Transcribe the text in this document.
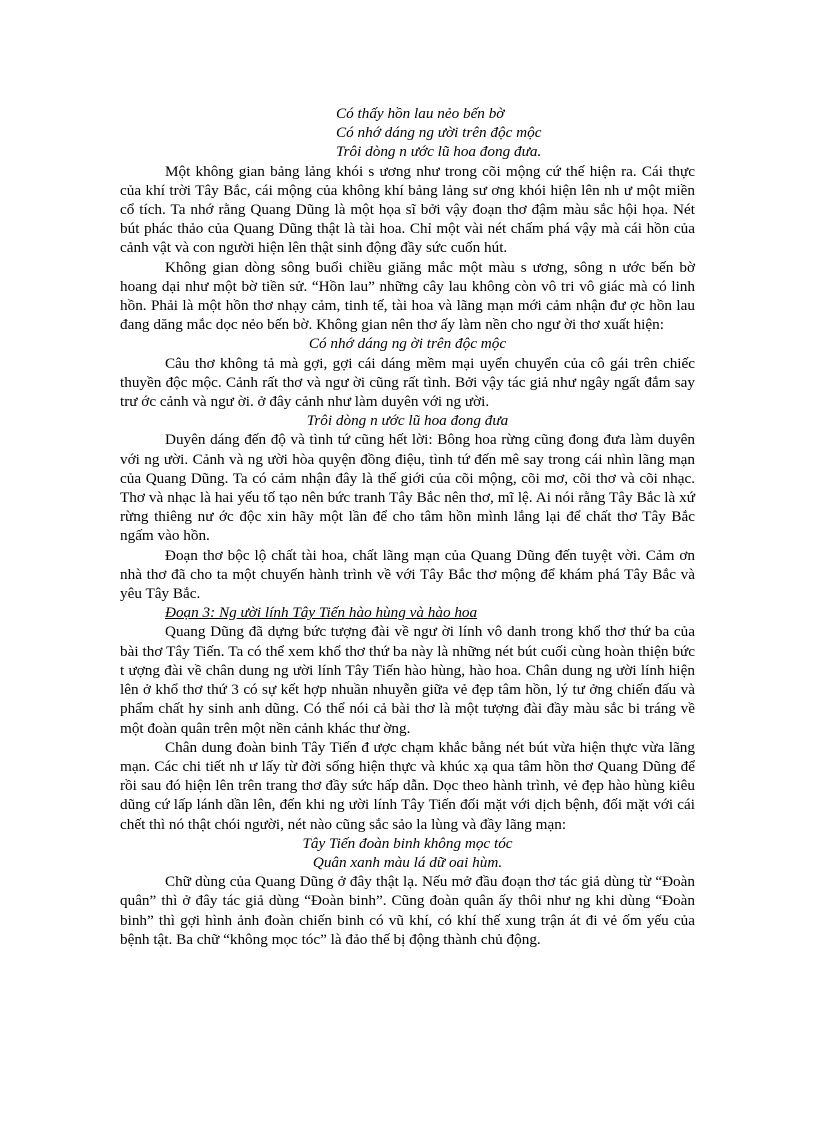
Có thấy hồn lau nẻo bến bờ

Có nhớ dáng ng ười trên độc mộc

Trôi dòng n ước lũ hoa đong đưa.

Một không gian bảng lảng khói s ương như trong cõi mộng cứ thế hiện ra. Cái thực của khí trời Tây Bắc, cái mộng của không khí bảng lảng sư ơng khói hiện lên nh ư một miền cổ tích. Ta nhớ rằng Quang Dũng là một họa sĩ bởi vậy đoạn thơ đậm màu sắc hội họa. Nét bút phác thảo của Quang Dũng thật là tài hoa. Chỉ một vài nét chấm phá vậy mà cái hồn của cảnh vật và con người hiện lên thật sinh động đầy sức cuốn hút.

Không gian dòng sông buổi chiều giăng mắc một màu s ương, sông n ước bến bờ hoang dại như một bờ tiền sử. “Hồn lau” những cây lau không còn vô tri vô giác mà có linh hồn. Phải là một hồn thơ nhạy cảm, tinh tế, tài hoa và lãng mạn mới cảm nhận đư ợc hồn lau đang dăng mắc dọc nẻo bến bờ. Không gian nên thơ ấy làm nền cho ngư ời thơ xuất hiện:

Có nhớ dáng ng ời trên độc mộc

Câu thơ không tả mà gợi, gợi cái dáng mềm mại uyển chuyển của cô gái trên chiếc thuyền độc mộc. Cảnh rất thơ và ngư ời cũng rất tình. Bởi vậy tác giả như ngây ngất đắm say trư ớc cảnh và ngư ời. ở đây cảnh như làm duyên với ng ười.

Trôi dòng n ước lũ hoa đong đưa

Duyên dáng đến độ và tình tứ cũng hết lời: Bông hoa rừng cũng đong đưa làm duyên với ng ười. Cảnh và ng ười hòa quyện đồng điệu, tình tứ đến mê say trong cái nhìn lãng mạn của Quang Dũng. Ta có cảm nhận đây là thế giới của cõi mộng, cõi mơ, cõi thơ và cõi nhạc. Thơ và nhạc là hai yếu tố tạo nên bức tranh Tây Bắc nên thơ, mĩ lệ. Ai nói rằng Tây Bắc là xứ rừng thiêng nư ớc độc xin hãy một lần để cho tâm hồn mình lắng lại để chất thơ Tây Bắc ngấm vào hồn.

Đoạn thơ bộc lộ chất tài hoa, chất lãng mạn của Quang Dũng đến tuyệt vời. Cảm ơn nhà thơ đã cho ta một chuyến hành trình về với Tây Bắc thơ mộng để khám phá Tây Bắc và yêu Tây Bắc.

Đoạn 3: Ng ười lính Tây Tiến hào hùng và hào hoa

Quang Dũng đã dựng bức tượng đài về ngư ời lính vô danh trong khổ thơ thứ ba của bài thơ Tây Tiến. Ta có thể xem khổ thơ thứ ba này là những nét bút cuối cùng hoàn thiện bức t ượng đài về chân dung ng ười lính Tây Tiến hào hùng, hào hoa. Chân dung ng ười lính hiện lên ở khổ thơ thứ 3 có sự kết hợp nhuần nhuyễn giữa vẻ đẹp tâm hồn, lý tư ởng chiến đấu và phẩm chất hy sinh anh dũng. Có thể nói cả bài thơ là một tượng đài đầy màu sắc bi tráng về một đoàn quân trên một nền cảnh khác thư ờng.

Chân dung đoàn binh Tây Tiến đ ược chạm khắc bằng nét bút vừa hiện thực vừa lãng mạn. Các chi tiết nh ư lấy từ đời sống hiện thực và khúc xạ qua tâm hồn thơ Quang Dũng để rồi sau đó hiện lên trên trang thơ đầy sức hấp dẫn. Dọc theo hành trình, vẻ đẹp hào hùng kiêu dũng cứ lấp lánh dần lên, đến khi ng ười lính Tây Tiến đối mặt với dịch bệnh, đối mặt với cái chết thì nó thật chói người, nét nào cũng sắc sảo la lùng và đầy lãng mạn:

Tây Tiến đoàn binh không mọc tóc

Quân xanh màu lá dữ oai hùm.

Chữ dùng của Quang Dũng ở đây thật lạ. Nếu mở đầu đoạn thơ tác giả dùng từ “Đoàn quân” thì ở đây tác giả dùng “Đoàn binh”. Cũng đoàn quân ấy thôi như ng khi dùng “Đoàn binh” thì gợi hình ảnh đoàn chiến binh có vũ khí, có khí thế xung trận át đi vẻ ốm yếu của bệnh tật. Ba chữ “không mọc tóc” là đảo thế bị động thành chủ động.
